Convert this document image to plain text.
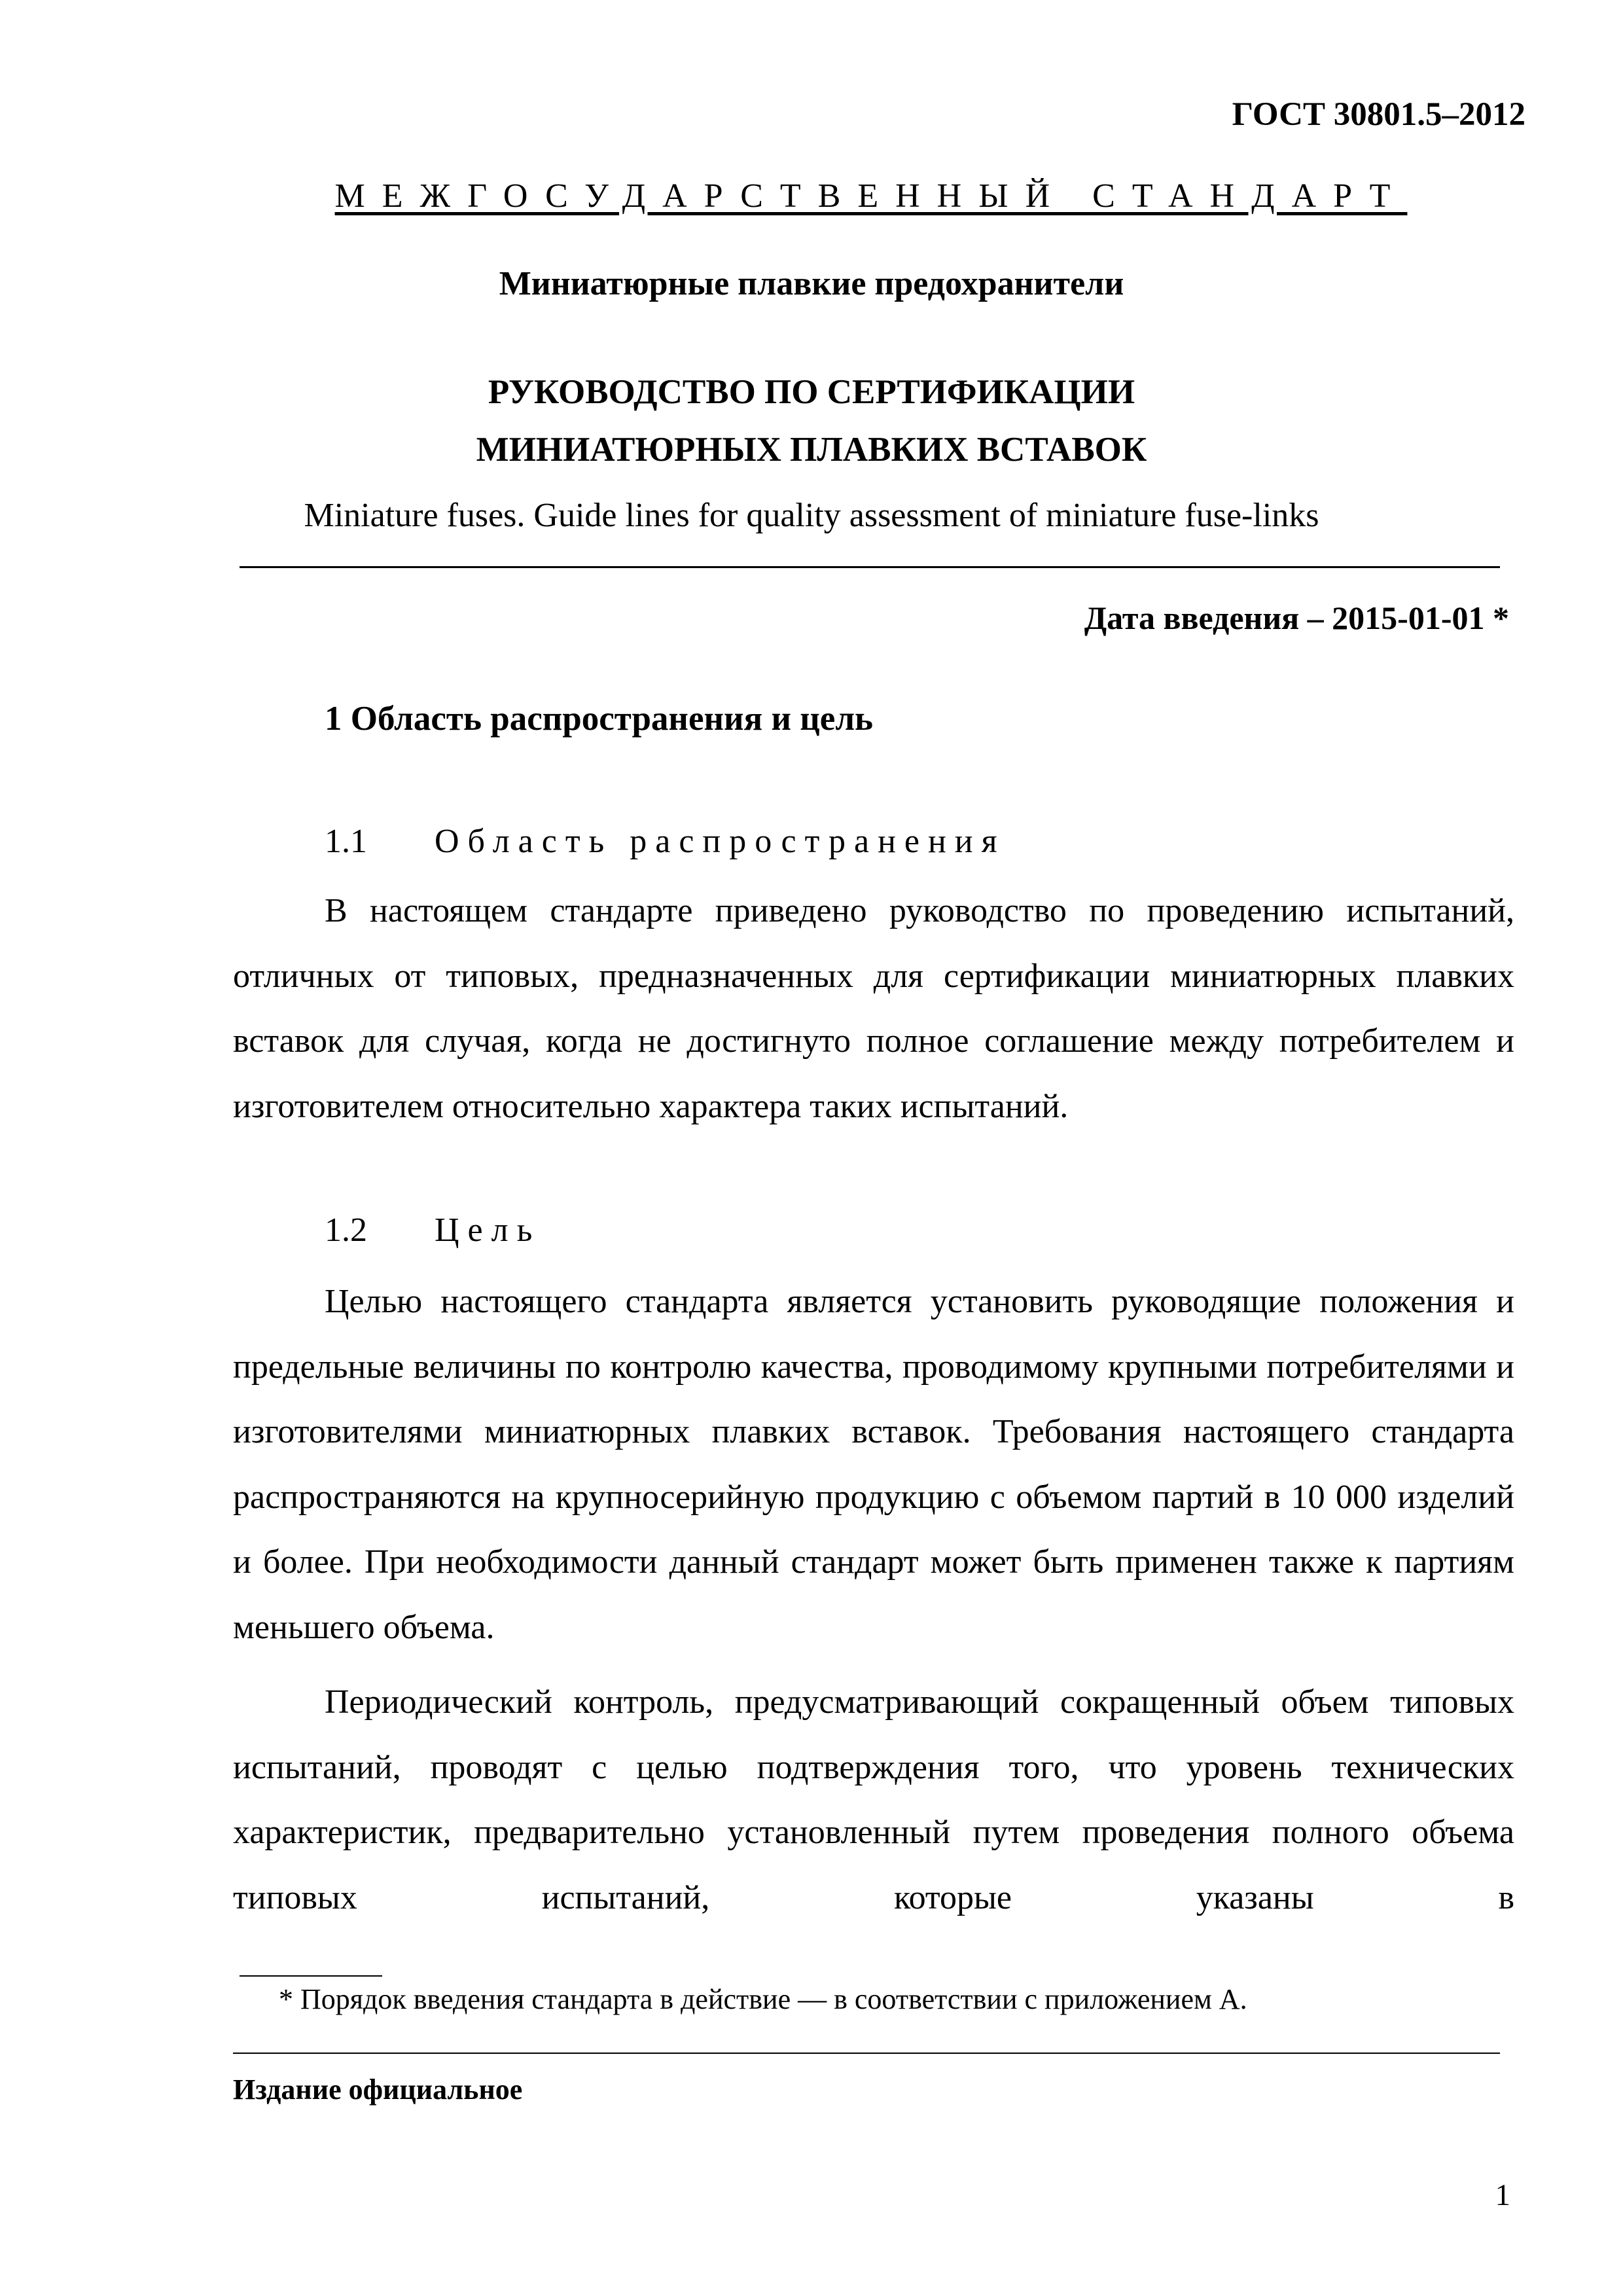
ГОСТ 30801.5–2012
МЕЖГОСУДАРСТВЕННЫЙ СТАНДАРТ
Миниатюрные плавкие предохранители
РУКОВОДСТВО ПО СЕРТИФИКАЦИИ
МИНИАТЮРНЫХ ПЛАВКИХ ВСТАВОК
Miniature fuses. Guide lines for quality assessment of miniature fuse-links
Дата введения – 2015-01-01 *
1 Область распространения и цель
1.1 Область распространения
В настоящем стандарте приведено руководство по проведению испытаний, отличных от типовых, предназначенных для сертификации миниатюрных плавких вставок для случая, когда не достигнуто полное соглашение между потребителем и изготовителем относительно характера таких испытаний.
1.2 Цель
Целью настоящего стандарта является установить руководящие положения и предельные величины по контролю качества, проводимому крупными потребителями и изготовителями миниатюрных плавких вставок. Требования настоящего стандарта распространяются на крупносерийную продукцию с объемом партий в 10 000 изделий и более. При необходимости данный стандарт может быть применен также к партиям меньшего объема.
Периодический контроль, предусматривающий сокращенный объем типовых испытаний, проводят с целью подтверждения того, что уровень технических характеристик, предварительно установленный путем проведения полного объема типовых испытаний, которые указаны в
* Порядок введения стандарта в действие — в соответствии с приложением А.
Издание официальное
1
